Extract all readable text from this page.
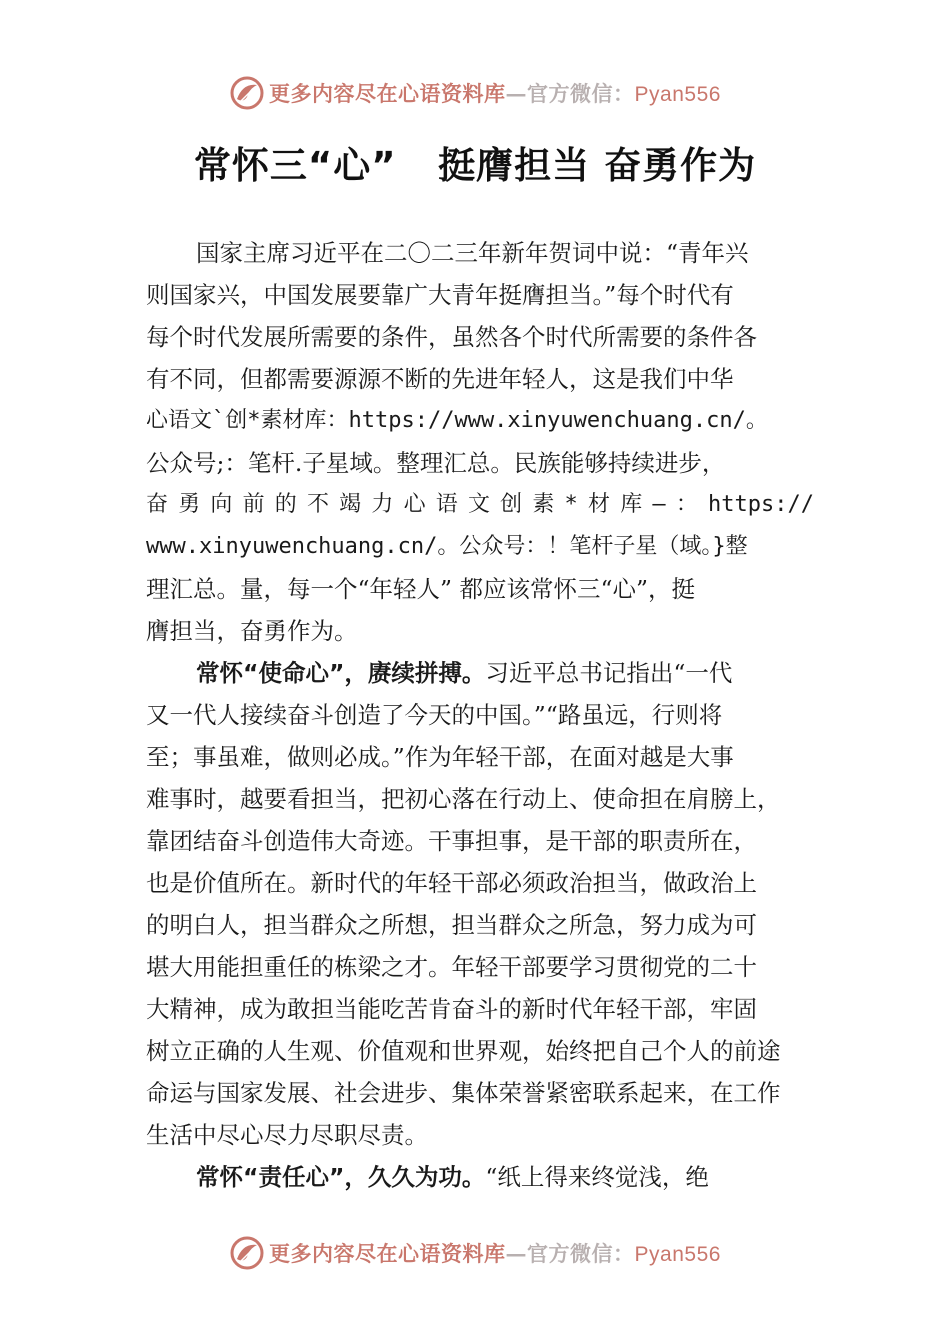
更多内容尽在心语资料库—官方微信：Pyan556
常怀三“心”   挺膺担当 奋勇作为
国家主席习近平在二〇二三年新年贺词中说：“青年兴
则国家兴，中国发展要靠广大青年挺膺担当。”每个时代有
每个时代发展所需要的条件，虽然各个时代所需要的条件各
有不同，但都需要源源不断的先进年轻人，这是我们中华
心语文`创*素材库：https://www.xinyuwenchuang.cn/。
公众号;：笔杆.子星域。整理汇总。民族能够持续进步，
奋勇向前的不竭力心语文创素*材库—：https://
www.xinyuwenchuang.cn/。公众号：！笔杆子星（域。}整
理汇总。量，每一个“年轻人” 都应该常怀三“心”，挺
膺担当，奋勇作为。
常怀“使命心”，赓续拼搏。习近平总书记指出“一代
又一代人接续奋斗创造了今天的中国。”“路虽远，行则将
至；事虽难，做则必成。”作为年轻干部，在面对越是大事
难事时，越要看担当，把初心落在行动上、使命担在肩膀上，
靠团结奋斗创造伟大奇迹。干事担事，是干部的职责所在，
也是价值所在。新时代的年轻干部必须政治担当，做政治上
的明白人，担当群众之所想，担当群众之所急，努力成为可
堪大用能担重任的栋梁之才。年轻干部要学习贯彻党的二十
大精神，成为敢担当能吃苦肯奋斗的新时代年轻干部，牢固
树立正确的人生观、价值观和世界观，始终把自己个人的前途
命运与国家发展、社会进步、集体荣誉紧密联系起来，在工作
生活中尽心尽力尽职尽责。
常怀“责任心”，久久为功。“纸上得来终觉浅，绝
更多内容尽在心语资料库—官方微信：Pyan556
